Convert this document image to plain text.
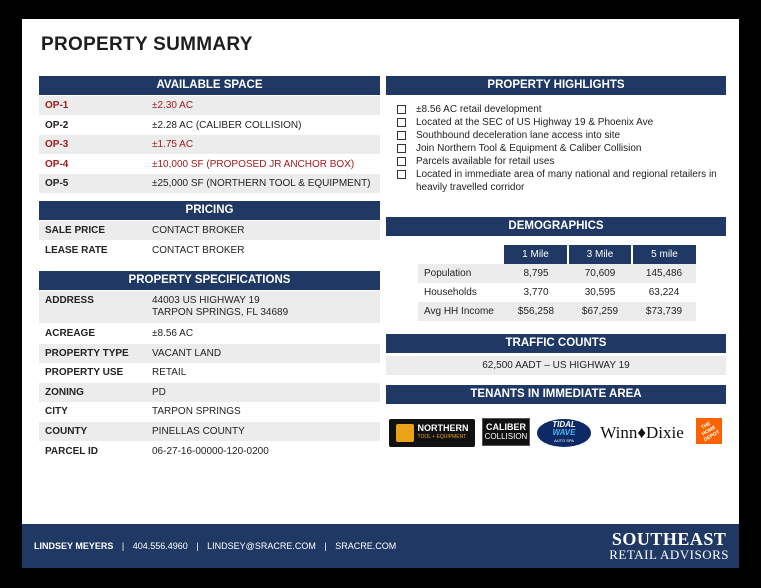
PROPERTY SUMMARY
AVAILABLE SPACE
OP-1	±2.30 AC
OP-2	±2.28 AC (CALIBER COLLISION)
OP-3	±1.75 AC
OP-4	±10,000 SF (PROPOSED JR ANCHOR BOX)
OP-5	±25,000 SF (NORTHERN TOOL & EQUIPMENT)
PRICING
SALE PRICE	CONTACT BROKER
LEASE RATE	CONTACT BROKER
PROPERTY SPECIFICATIONS
ADDRESS	44003 US HIGHWAY 19
TARPON SPRINGS, FL 34689
ACREAGE	±8.56 AC
PROPERTY TYPE	VACANT LAND
PROPERTY USE	RETAIL
ZONING	PD
CITY	TARPON SPRINGS
COUNTY	PINELLAS COUNTY
PARCEL ID	06-27-16-00000-120-0200
PROPERTY HIGHLIGHTS
±8.56 AC retail development
Located at the SEC of US Highway 19 & Phoenix Ave
Southbound deceleration lane access into site
Join Northern Tool & Equipment & Caliber Collision
Parcels available for retail uses
Located in immediate area of many national and regional retailers in heavily travelled corridor
DEMOGRAPHICS
	1 Mile	3 Mile	5 mile
Population	8,795	70,609	145,486
Households	3,770	30,595	63,224
Avg HH Income	$56,258	$67,259	$73,739
TRAFFIC COUNTS
62,500 AADT – US HIGHWAY 19
TENANTS IN IMMEDIATE AREA
NORTHERN
TOOL + EQUIPMENT
CALIBER
COLLISION
TIDAL
WAVE
AUTO SPA Winn♦Dixie	THE HOME DEPOT
LINDSEY MEYERS | 404.556.4960 | LINDSEY@SRACRE.COM | SRACRE.COM	SOUTHEAST
RETAIL ADVISORS
